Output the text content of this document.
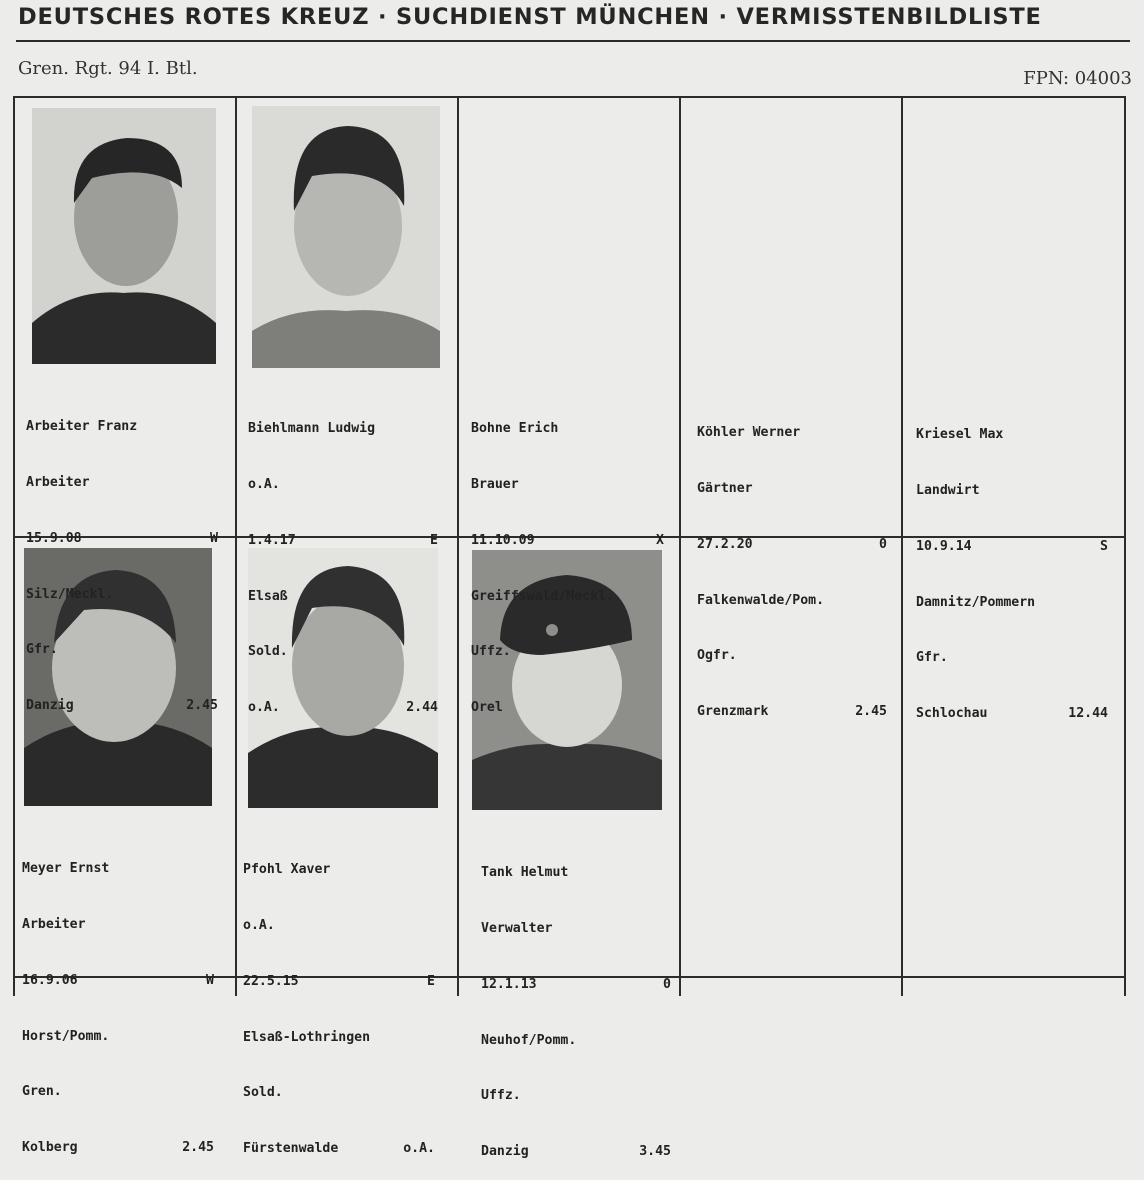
DEUTSCHES ROTES KREUZ · SUCHDIENST MÜNCHEN · VERMISSTENBILDLISTE
Gren. Rgt. 94 I. Btl.	FPN: 04003

Arbeiter Franz

Arbeiter

15.9.08	W

Silz/Meckl.

Gfr.

Danzig	2.45

Biehlmann Ludwig

o.A.

1.4.17	E

Elsaß

Sold.

o.A.	2.44

Bohne Erich

Brauer

11.10.09	X

Greiffswald/Meckl.

Uffz.

Orel

Köhler Werner

Gärtner

27.2.20	0

Falkenwalde/Pom.

Ogfr.

Grenzmark	2.45

Kriesel Max

Landwirt

10.9.14	S

Damnitz/Pommern

Gfr.

Schlochau	12.44

Meyer Ernst

Arbeiter

16.9.06	W

Horst/Pomm.

Gren.

Kolberg	2.45

Pfohl Xaver

o.A.

22.5.15	E

Elsaß-Lothringen

Sold.

Fürstenwalde	o.A.

Tank Helmut

Verwalter

12.1.13	0

Neuhof/Pomm.

Uffz.

Danzig	3.45
